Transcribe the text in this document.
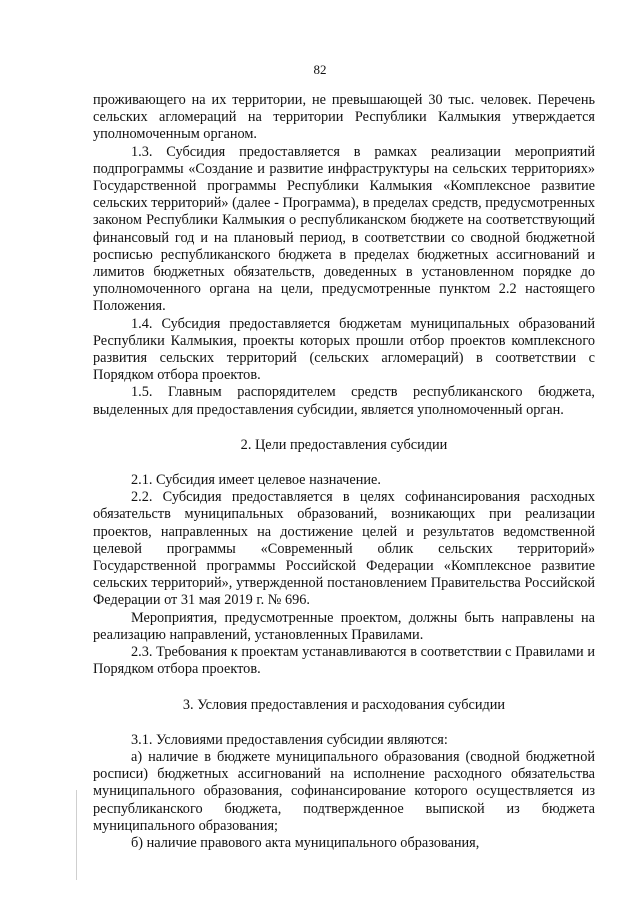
82

проживающего на их территории, не превышающей 30 тыс. человек. Перечень сельских агломераций на территории Республики Калмыкия утверждается уполномоченным органом.

1.3. Субсидия предоставляется в рамках реализации мероприятий подпрограммы «Создание и развитие инфраструктуры на сельских территориях» Государственной программы Республики Калмыкия «Комплексное развитие сельских территорий» (далее - Программа), в пределах средств, предусмотренных законом Республики Калмыкия о республиканском бюджете на соответствующий финансовый год и на плановый период, в соответствии со сводной бюджетной росписью республиканского бюджета в пределах бюджетных ассигнований и лимитов бюджетных обязательств, доведенных в установленном порядке до уполномоченного органа на цели, предусмотренные пунктом 2.2 настоящего Положения.

1.4. Субсидия предоставляется бюджетам муниципальных образований Республики Калмыкия, проекты которых прошли отбор проектов комплексного развития сельских территорий (сельских агломераций) в соответствии с Порядком отбора проектов.

1.5. Главным распорядителем средств республиканского бюджета, выделенных для предоставления субсидии, является уполномоченный орган.

2. Цели предоставления субсидии

2.1. Субсидия имеет целевое назначение.

2.2. Субсидия предоставляется в целях софинансирования расходных обязательств муниципальных образований, возникающих при реализации проектов, направленных на достижение целей и результатов ведомственной целевой программы «Современный облик сельских территорий» Государственной программы Российской Федерации «Комплексное развитие сельских территорий», утвержденной постановлением Правительства Российской Федерации от 31 мая 2019 г. № 696.

Мероприятия, предусмотренные проектом, должны быть направлены на реализацию направлений, установленных Правилами.

2.3. Требования к проектам устанавливаются в соответствии с Правилами и Порядком отбора проектов.

3. Условия предоставления и расходования субсидии

3.1. Условиями предоставления субсидии являются:

а) наличие в бюджете муниципального образования (сводной бюджетной росписи) бюджетных ассигнований на исполнение расходного обязательства муниципального образования, софинансирование которого осуществляется из республиканского бюджета, подтвержденное выпиской из бюджета муниципального образования;

б) наличие правового акта муниципального образования,
